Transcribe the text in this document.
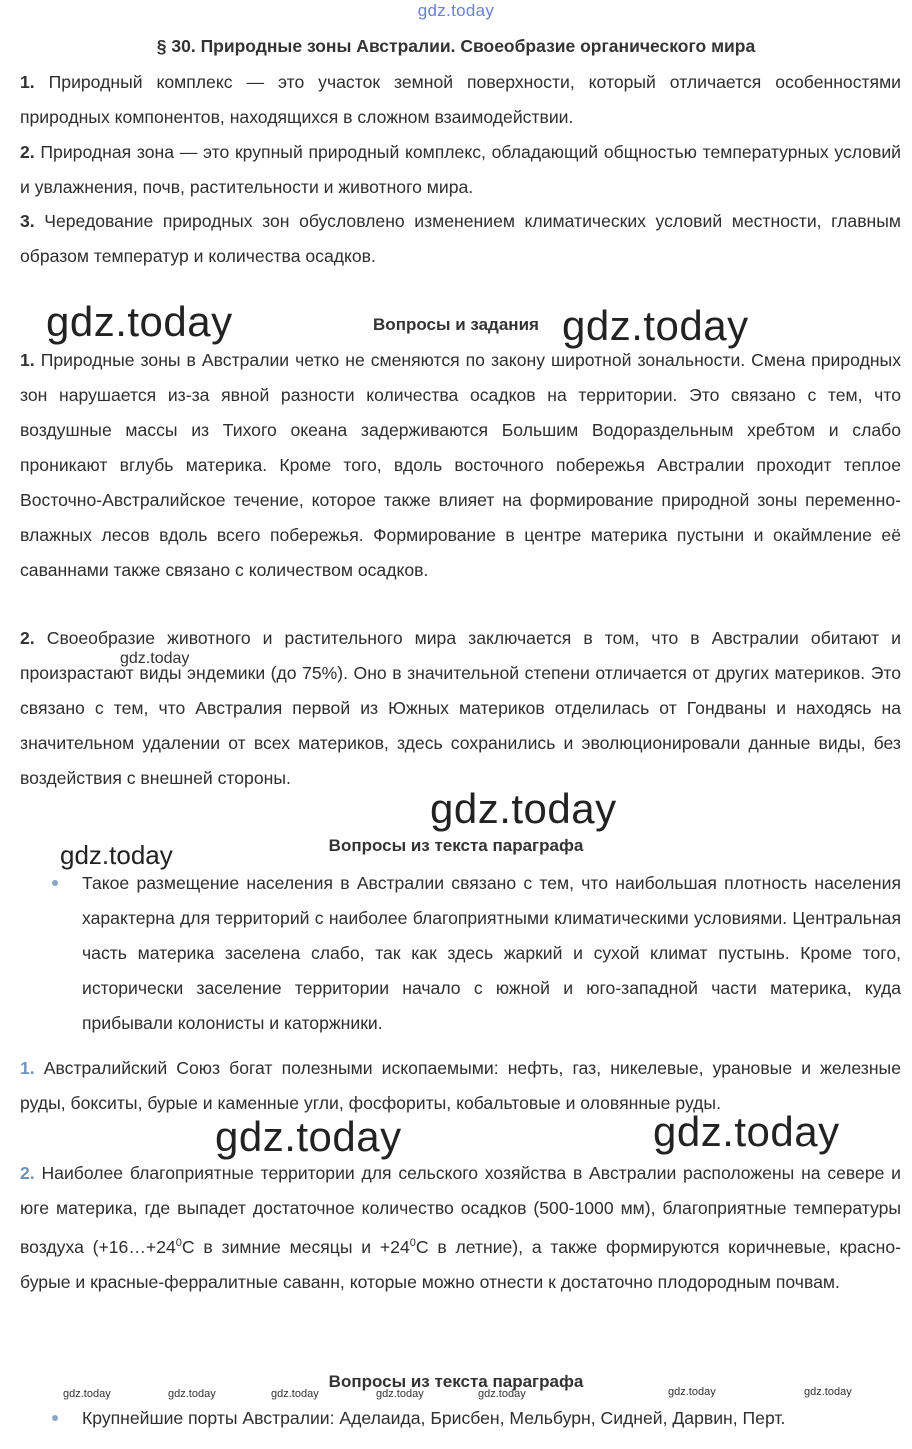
gdz.today
§ 30. Природные зоны Австралии. Своеобразие органического мира
1. Природный комплекс — это участок земной поверхности, который отличается особенностями природных компонентов, находящихся в сложном взаимодействии.
2. Природная зона — это крупный природный комплекс, обладающий общностью температурных условий и увлажнения, почв, растительности и животного мира.
3. Чередование природных зон обусловлено изменением климатических условий местности, главным образом температур и количества осадков.
Вопросы и задания
1. Природные зоны в Австралии четко не сменяются по закону широтной зональности. Смена природных зон нарушается из-за явной разности количества осадков на территории. Это связано с тем, что воздушные массы из Тихого океана задерживаются Большим Водораздельным хребтом и слабо проникают вглубь материка. Кроме того, вдоль восточного побережья Австралии проходит теплое Восточно-Австралийское течение, которое также влияет на формирование природной зоны переменно-влажных лесов вдоль всего побережья. Формирование в центре материка пустыни и окаймление её саваннами также связано с количеством осадков.
2. Своеобразие животного и растительного мира заключается в том, что в Австралии обитают и произрастают виды эндемики (до 75%). Оно в значительной степени отличается от других материков. Это связано с тем, что Австралия первой из Южных материков отделилась от Гондваны и находясь на значительном удалении от всех материков, здесь сохранились и эволюционировали данные виды, без воздействия с внешней стороны.
Вопросы из текста параграфа
Такое размещение населения в Австралии связано с тем, что наибольшая плотность населения характерна для территорий с наиболее благоприятными климатическими условиями. Центральная часть материка заселена слабо, так как здесь жаркий и сухой климат пустынь. Кроме того, исторически заселение территории начало с южной и юго-западной части материка, куда прибывали колонисты и каторжники.
1. Австралийский Союз богат полезными ископаемыми: нефть, газ, никелевые, урановые и железные руды, бокситы, бурые и каменные угли, фосфориты, кобальтовые и оловянные руды.
2. Наиболее благоприятные территории для сельского хозяйства в Австралии расположены на севере и юге материка, где выпадет достаточное количество осадков (500-1000 мм), благоприятные температуры воздуха ($+16\dots+24^0С$ в зимние месяцы $и +24^0С$ в летние), а также формируются коричневые, красно-бурые и красные-ферралитные саванн, которые можно отнести к достаточно плодородным почвам.
Вопросы из текста параграфа
Крупнейшие порты Австралии: Аделаида, Брисбен, Мельбурн, Сидней, Дарвин, Перт.
gdz.today	gdz.today
gdz.today
gdz.today
gdz.today
gdz.today	gdz.today
gdz.today	gdz.today	gdz.today	gdz.today	gdz.today	gdz.today	gdz.today
